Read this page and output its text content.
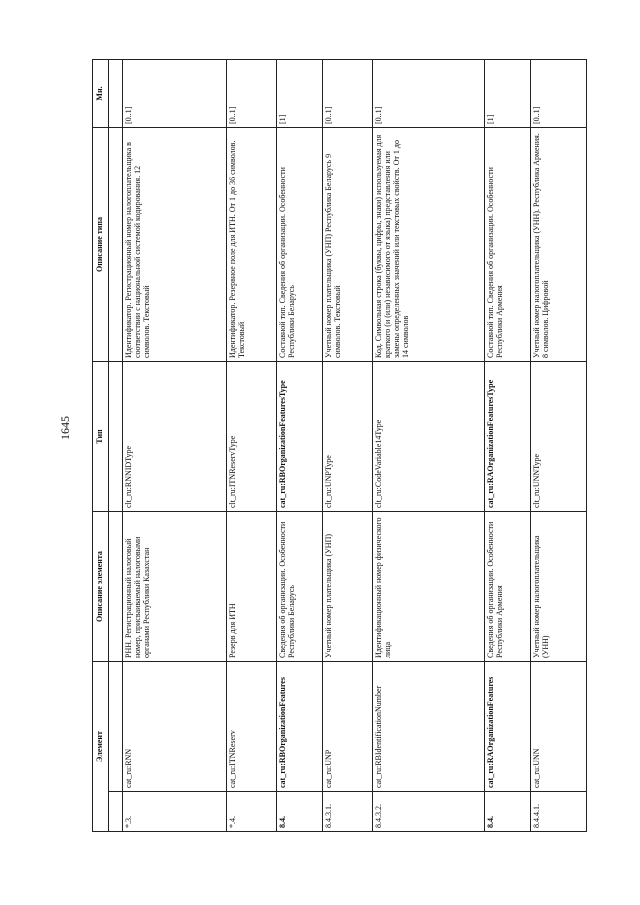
1645
Элемент		Описание элемента	Тип	Описание типа	Мн.

*.3.	cat_ru:RNN	РНН. Регистрационный налоговый номер, присваиваемый налоговыми органами Республики Казахстан	clt_ru:RNNIDType	Идентификатор. Регистрационный номер налогоплательщика в соответствии с национальной системой кодирования. 12 символов. Текстовый	[0..1]
*.4.	cat_ru:ITNReserv	Резерв для ИТН	clt_ru:ITNReservType	Идентификатор. Резервное поле для ИТН. От 1 до 36 символов. Текстовый	[0..1]
8.4.	cat_ru:RBOrganizationFeatures	Сведения об организации. Особенности Республики Беларусь	cat_ru:RBOrganizationFeaturesType	Составной тип. Сведения об организации. Особенности Республики Беларусь	[1]
8.4.3.1.	cat_ru:UNP	Учетный номер плательщика (УНП)	clt_ru:UNPType	Учетный номер плательщика (УНП) Республика Беларусь 9 символов. Текстовый	[0..1]
8.4.3.2.	cat_ru:RBIdentificationNumber	Идентификационный номер физического лица	clt_ru:CodeVariable14Type	Код. Символьная строка (буквы, цифры, знаки) используемая для краткого (и (или) независимого от языка) представления или замены определенных значений или текстовых свойств. От 1 до 14 символов	[0..1]
8.4.	cat_ru:RAOrganizationFeatures	Сведения об организации. Особенности Республики Армения	cat_ru:RAOrganizationFeaturesType	Составной тип. Сведения об организации. Особенности Республики Армения	[1]
8.4.4.1.	cat_ru:UNN	Учетный номер налогоплательщика (УНН)	clt_ru:UNNType	Учетный номер налогоплательщика (УНН). Республика Армения. 8 символов. Цифровой	[0..1]
